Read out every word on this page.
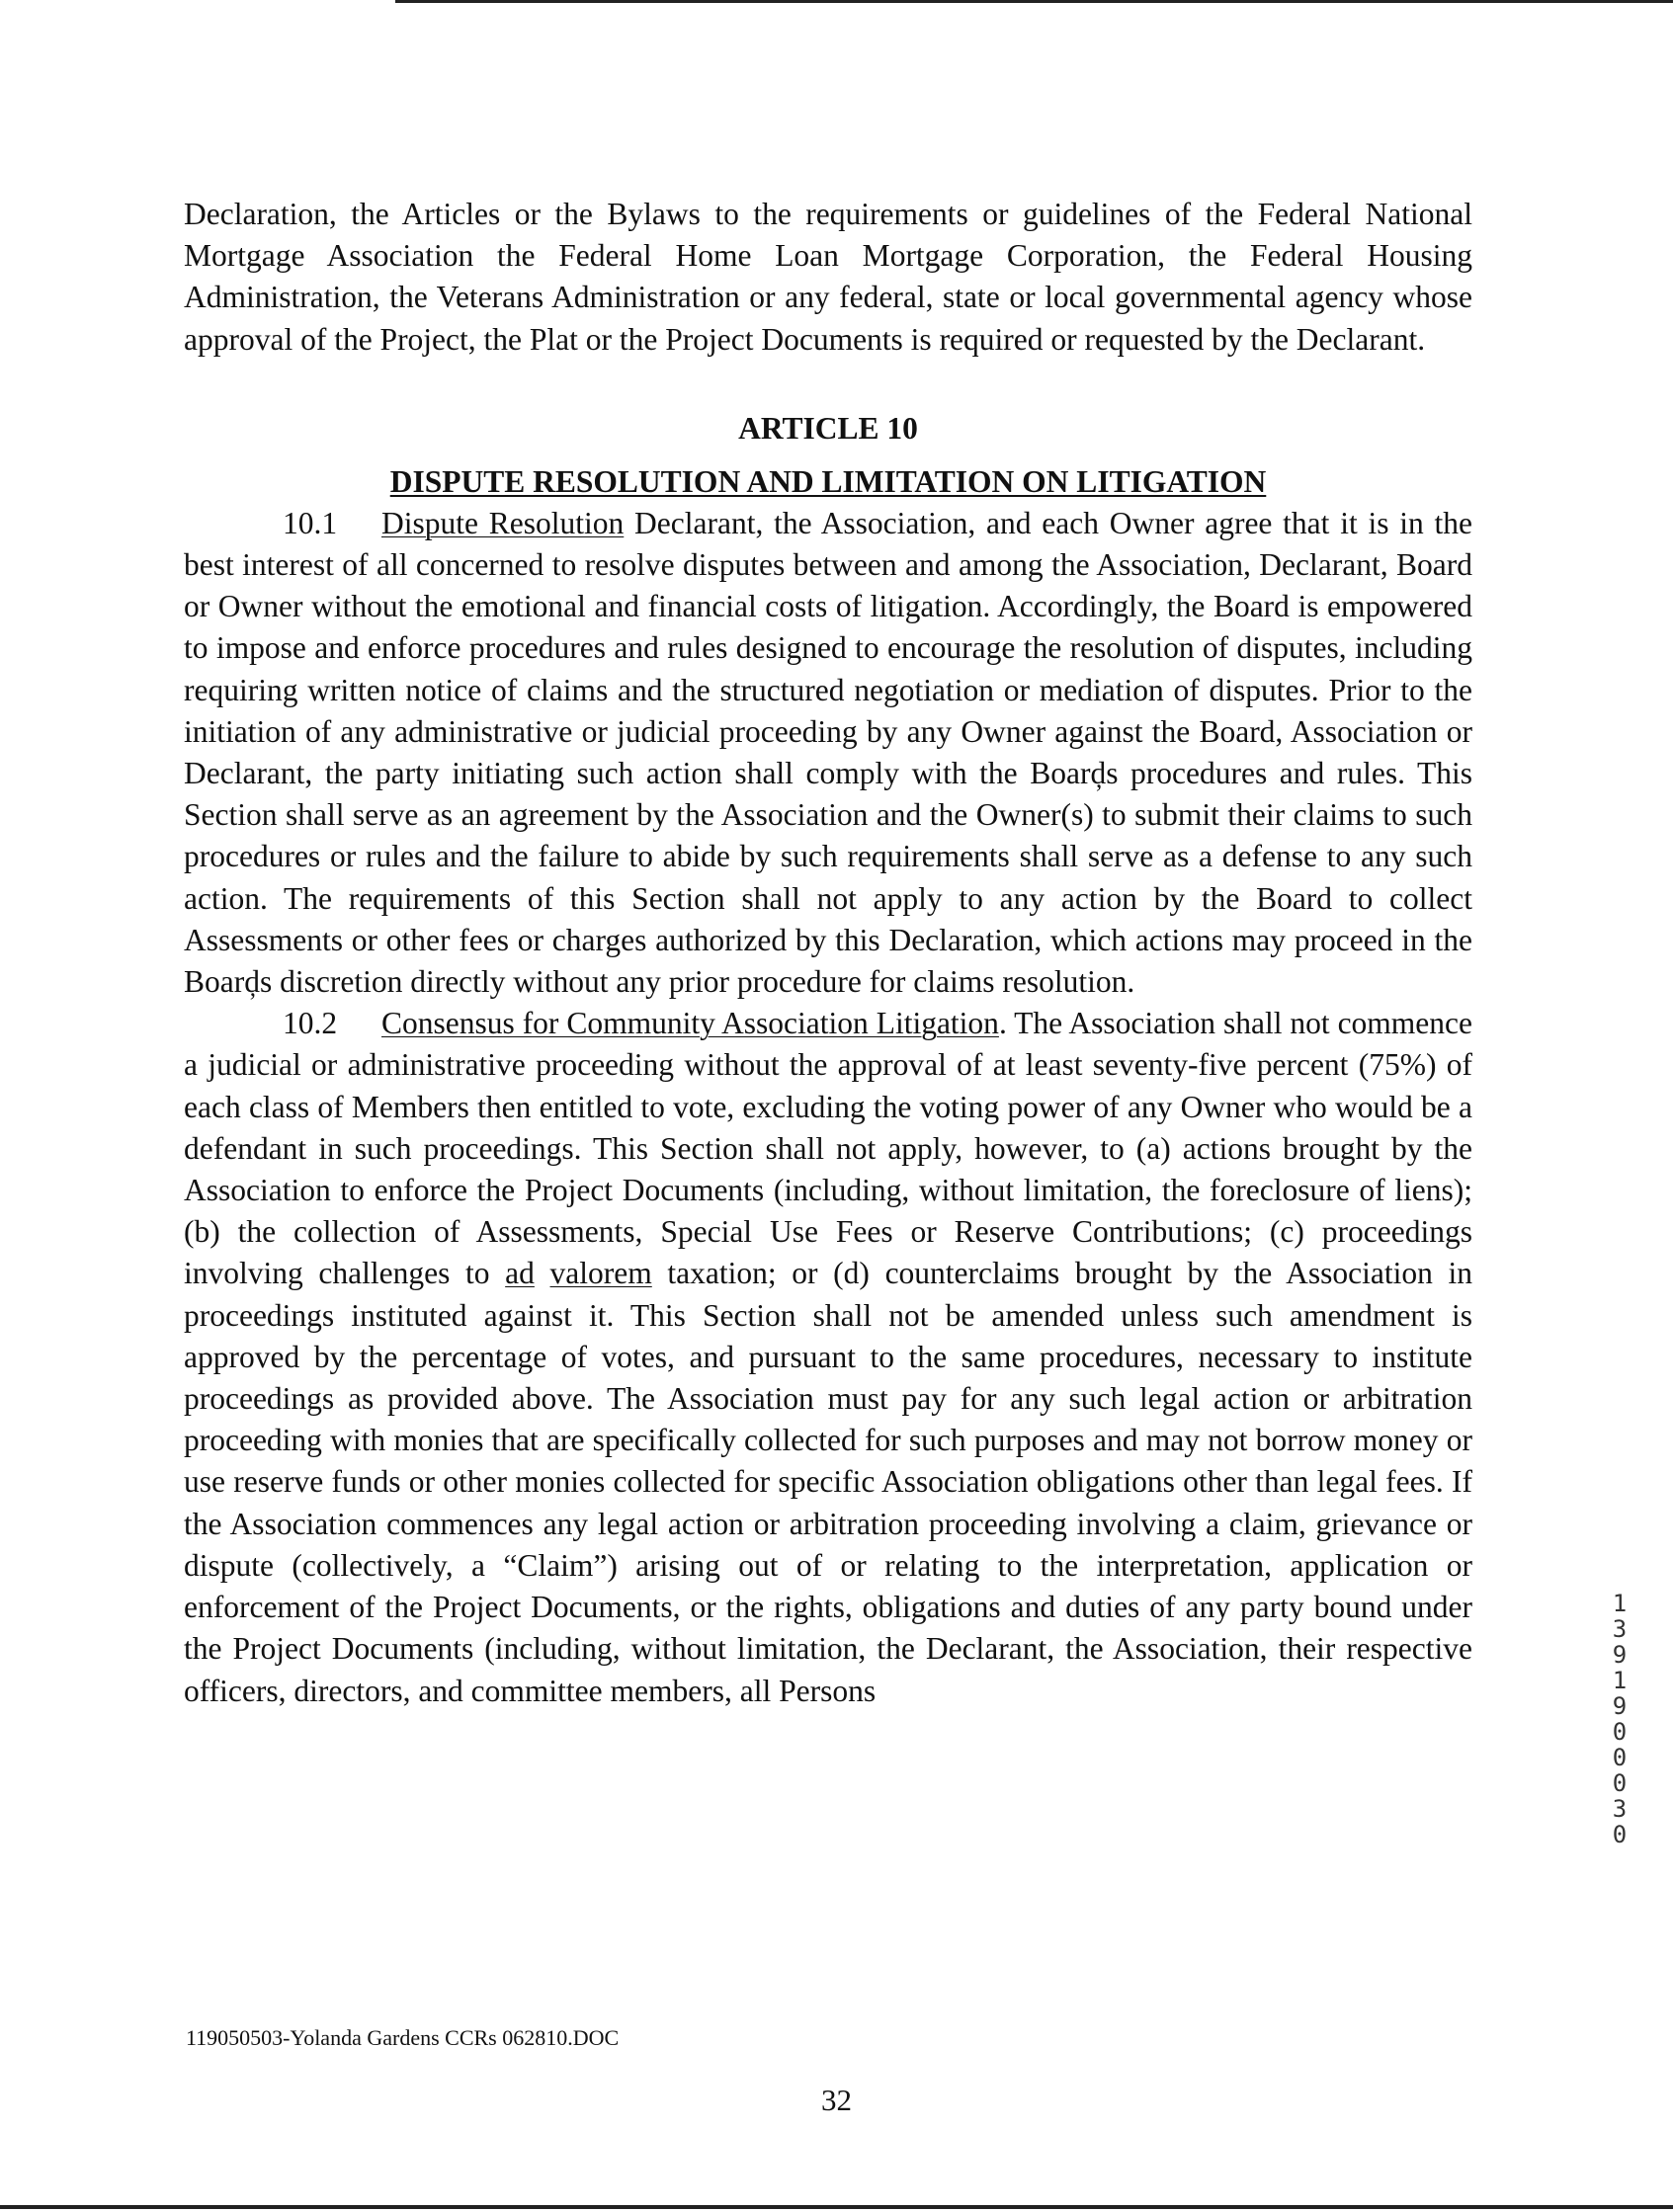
Declaration, the Articles or the Bylaws to the requirements or guidelines of the Federal National Mortgage Association the Federal Home Loan Mortgage Corporation, the Federal Housing Administration, the Veterans Administration or any federal, state or local governmental agency whose approval of the Project, the Plat or the Project Documents is required or requested by the Declarant.

ARTICLE 10

DISPUTE RESOLUTION AND LIMITATION ON LITIGATION

10.1 Dispute Resolution Declarant, the Association, and each Owner agree that it is in the best interest of all concerned to resolve disputes between and among the Association, Declarant, Board or Owner without the emotional and financial costs of litigation. Accordingly, the Board is empowered to impose and enforce procedures and rules designed to encourage the resolution of disputes, including requiring written notice of claims and the structured negotiation or mediation of disputes. Prior to the initiation of any administrative or judicial proceeding by any Owner against the Board, Association or Declarant, the party initiating such action shall comply with the Boarḑs procedures and rules. This Section shall serve as an agreement by the Association and the Owner(s) to submit their claims to such procedures or rules and the failure to abide by such requirements shall serve as a defense to any such action. The requirements of this Section shall not apply to any action by the Board to collect Assessments or other fees or charges authorized by this Declaration, which actions may proceed in the Boarḑs discretion directly without any prior procedure for claims resolution.

10.2 Consensus for Community Association Litigation. The Association shall not commence a judicial or administrative proceeding without the approval of at least seventy-five percent (75%) of each class of Members then entitled to vote, excluding the voting power of any Owner who would be a defendant in such proceedings. This Section shall not apply, however, to (a) actions brought by the Association to enforce the Project Documents (including, without limitation, the foreclosure of liens); (b) the collection of Assessments, Special Use Fees or Reserve Contributions; (c) proceedings involving challenges to ad valorem taxation; or (d) counterclaims brought by the Association in proceedings instituted against it. This Section shall not be amended unless such amendment is approved by the percentage of votes, and pursuant to the same procedures, necessary to institute proceedings as provided above. The Association must pay for any such legal action or arbitration proceeding with monies that are specifically collected for such purposes and may not borrow money or use reserve funds or other monies collected for specific Association obligations other than legal fees. If the Association commences any legal action or arbitration proceeding involving a claim, grievance or dispute (collectively, a “Claim”) arising out of or relating to the interpretation, application or enforcement of the Project Documents, or the rights, obligations and duties of any party bound under the Project Documents (including, without limitation, the Declarant, the Association, their respective officers, directors, and committee members, all Persons

1391900030
119050503-Yolanda Gardens CCRs 062810.DOC
32
